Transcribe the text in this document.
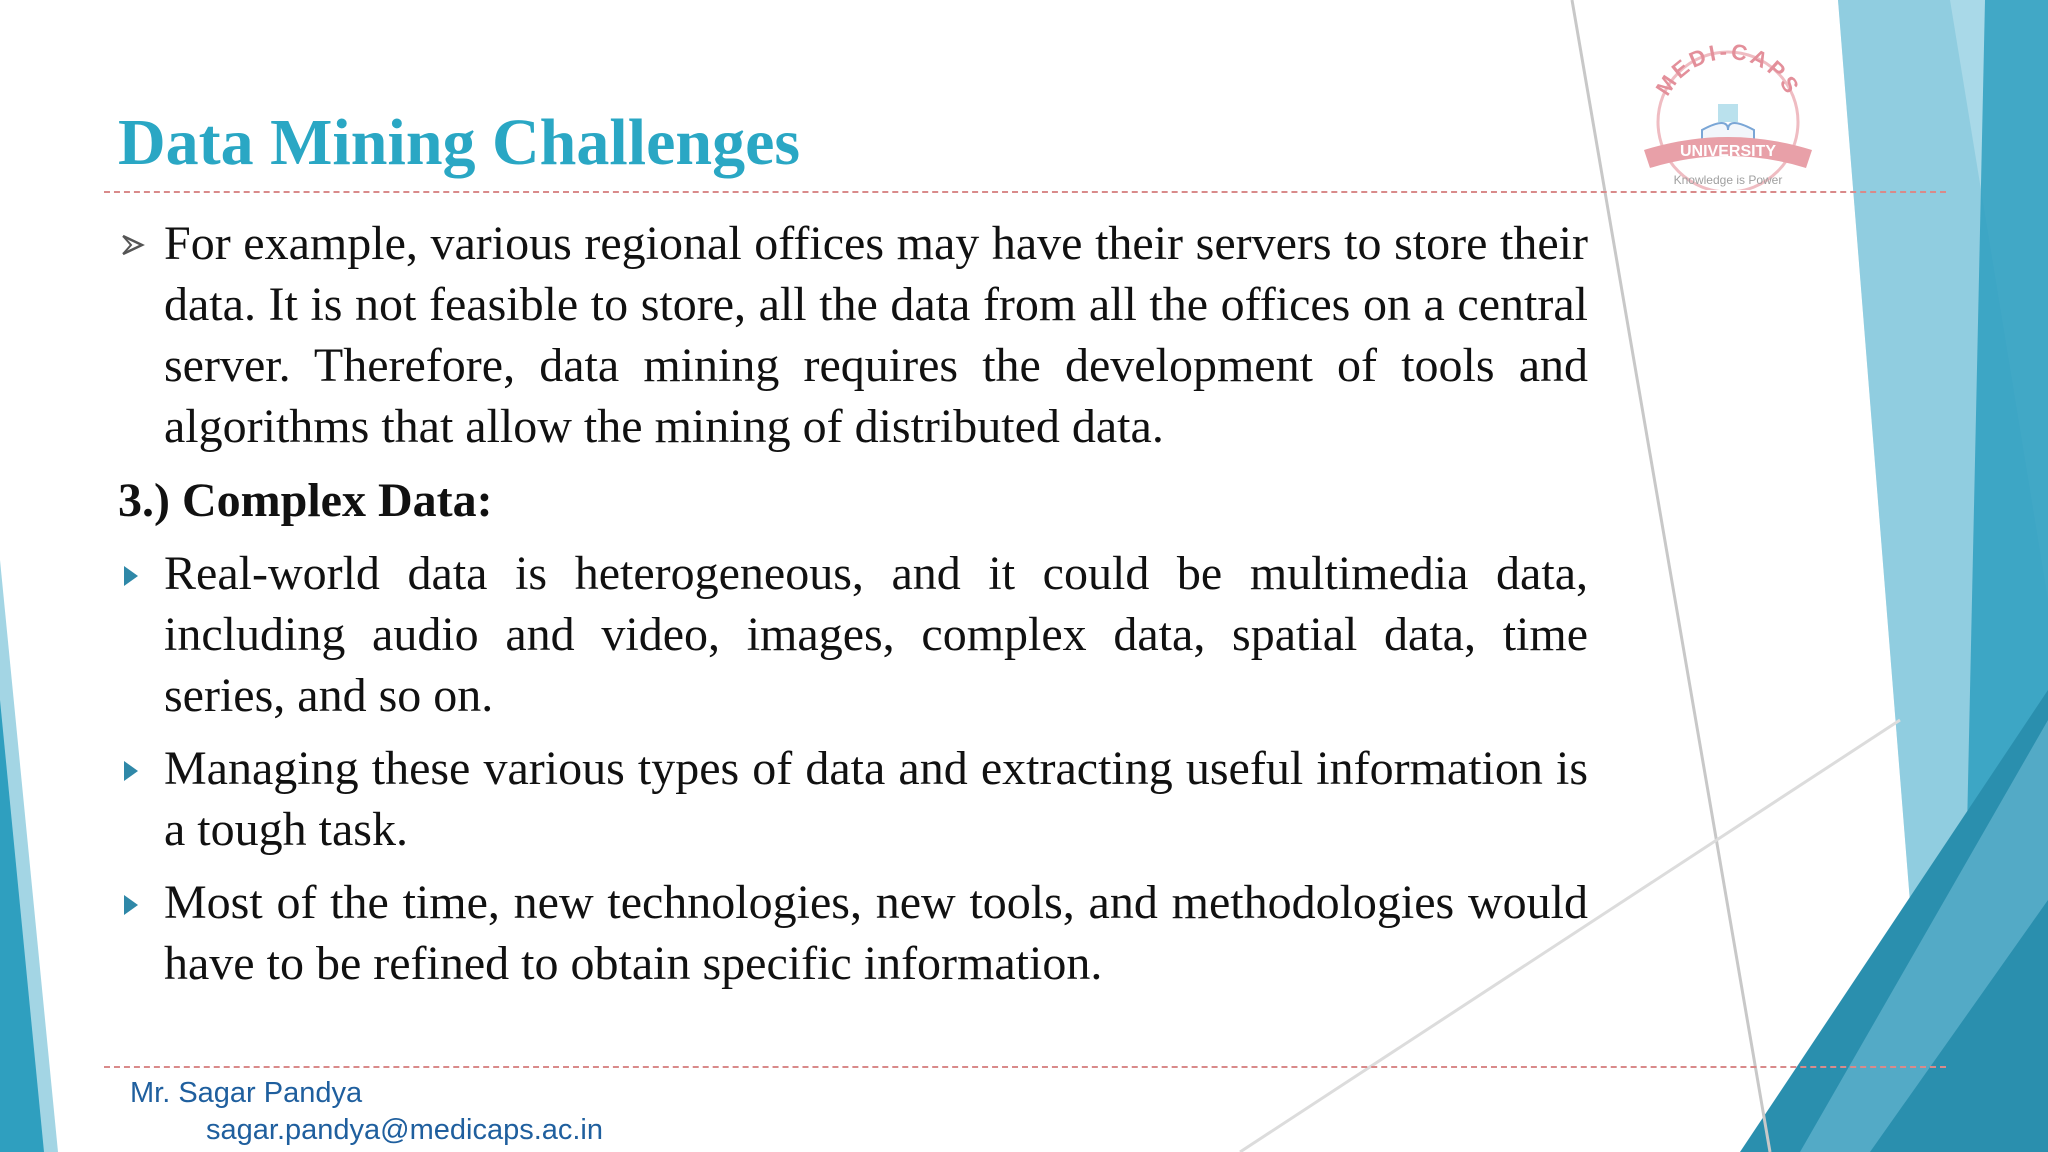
MEDI-CAPS
UNIVERSITY
Knowledge is Power
Data Mining Challenges
For example, various regional offices may have their servers to store their data. It is not feasible to store, all the data from all the offices on a central server. Therefore, data mining requires the development of tools and algorithms that allow the mining of distributed data.
3.) Complex Data:
Real-world data is heterogeneous, and it could be multimedia data, including audio and video, images, complex data, spatial data, time series, and so on.
Managing these various types of data and extracting useful information is a tough task.
Most of the time, new technologies, new tools, and methodologies would have to be refined to obtain specific information.
Mr. Sagar Pandya
sagar.pandya@medicaps.ac.in
